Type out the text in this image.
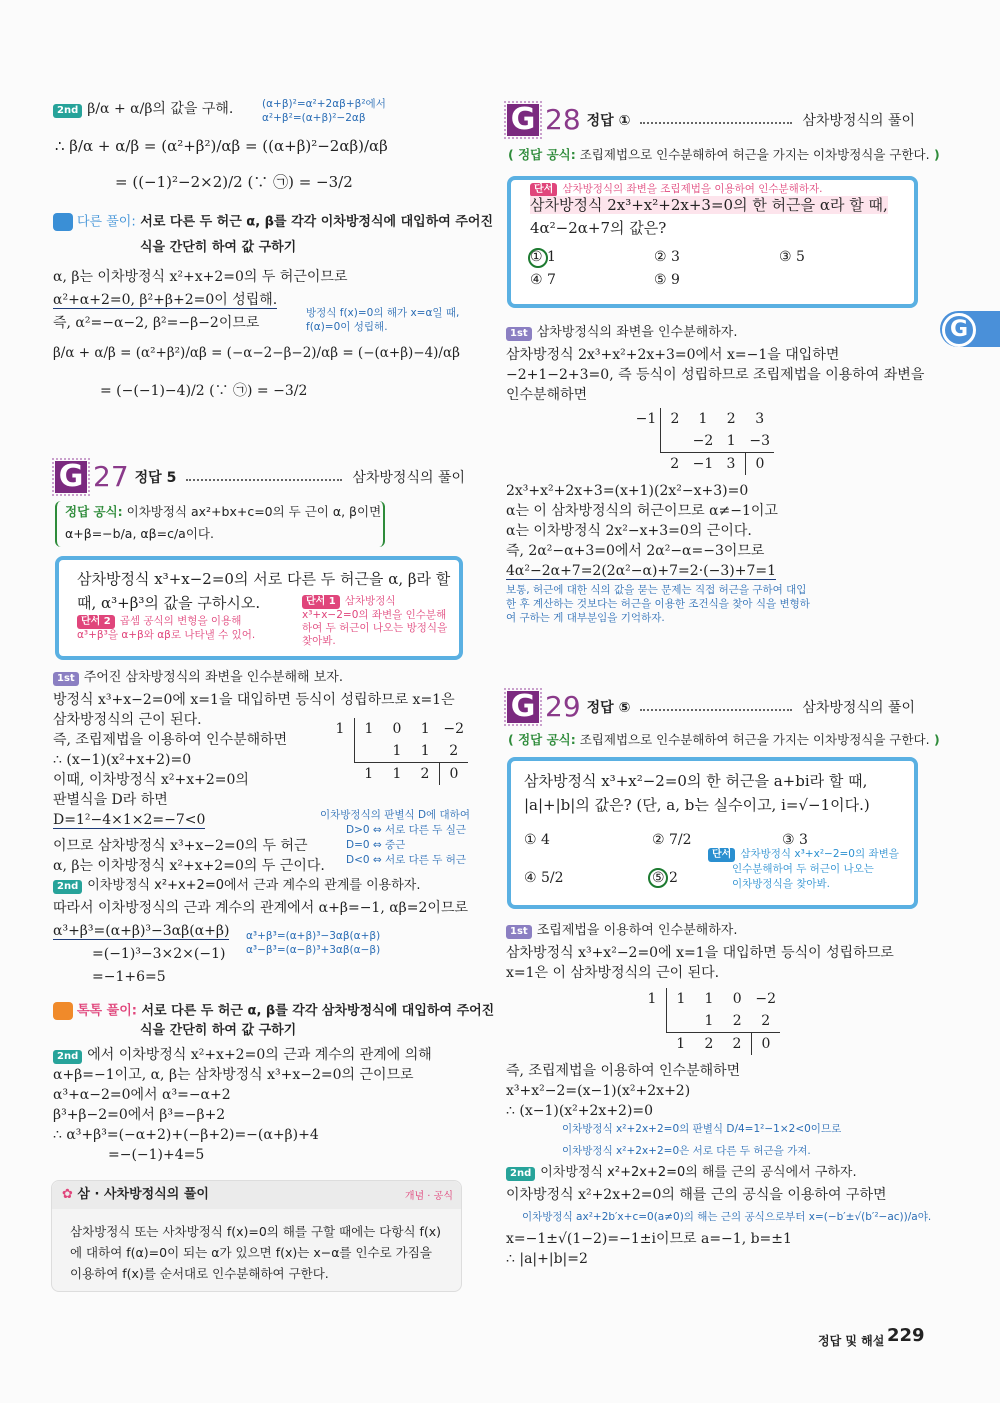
2nd β/α + α/β의 값을 구해.	(α+β)²=α²+2αβ+β²에서
α²+β²=(α+β)²−2αβ
∴ β/α + α/β = (α²+β²)/αβ = ((α+β)²−2αβ)/αβ
= ((−1)²−2×2)/2 (∵ ㉠) = −3/2
다른 풀이: 서로 다른 두 허근 α, β를 각각 이차방정식에 대입하여 주어진
식을 간단히 하여 값 구하기
α, β는 이차방정식 x²+x+2=0의 두 허근이므로
α²+α+2=0, β²+β+2=0이 성립해.
방정식 f(x)=0의 해가 x=α일 때,
f(α)=0이 성립해.
즉, α²=−α−2, β²=−β−2이므로
β/α + α/β = (α²+β²)/αβ = (−α−2−β−2)/αβ = (−(α+β)−4)/αβ
= (−(−1)−4)/2 (∵ ㉠) = −3/2
G 27 정답 5	삼차방정식의 풀이
정답 공식: 이차방정식 ax²+bx+c=0의 두 근이 α, β이면
α+β=−b/a, αβ=c/a이다.
삼차방정식 x³+x−2=0의 서로 다른 두 허근을 α, β라 할
때, α³+β³의 값을 구하시오.	단서 1 삼차방정식 x³+x−2=0의 좌변을 인수분해하여 두 허근이 나오는 방정식을 찾아봐.
단서 2 곱셈 공식의 변형을 이용해
α³+β³을 α+β와 αβ로 나타낼 수 있어.
1st 주어진 삼차방정식의 좌변을 인수분해해 보자.
방정식 x³+x−2=0에 x=1을 대입하면 등식이 성립하므로 x=1은
삼차방정식의 근이 된다.
즉, 조립제법을 이용하여 인수분해하면
∴ (x−1)(x²+x+2)=0
이때, 이차방정식 x²+x+2=0의
판별식을 D라 하면
D=1²−4×1×2=−7<0
이므로 삼차방정식 x³+x−2=0의 두 허근
α, β는 이차방정식 x²+x+2=0의 두 근이다.
1	1	0	1	−2
		1	1	2
	1	1	2	0
이차방정식의 판별식 D에 대하여
D>0 ⇔ 서로 다른 두 실근
D=0 ⇔ 중근
D<0 ⇔ 서로 다른 두 허근
2nd 이차방정식 x²+x+2=0에서 근과 계수의 관계를 이용하자.
따라서 이차방정식의 근과 계수의 관계에서 α+β=−1, αβ=2이므로
α³+β³=(α+β)³−3αβ(α+β)
=(−1)³−3×2×(−1)
=−1+6=5
α³+β³=(α+β)³−3αβ(α+β)
α³−β³=(α−β)³+3αβ(α−β)
톡톡 풀이: 서로 다른 두 허근 α, β를 각각 삼차방정식에 대입하여 주어진
식을 간단히 하여 값 구하기
2nd 에서 이차방정식 x²+x+2=0의 근과 계수의 관계에 의해
α+β=−1이고, α, β는 삼차방정식 x³+x−2=0의 근이므로
α³+α−2=0에서 α³=−α+2
β³+β−2=0에서 β³=−β+2
∴ α³+β³=(−α+2)+(−β+2)=−(α+β)+4
=−(−1)+4=5
✿ 삼 · 사차방정식의 풀이	개념 · 공식
삼차방정식 또는 사차방정식 f(x)=0의 해를 구할 때에는 다항식 f(x)
에 대하여 f(α)=0이 되는 α가 있으면 f(x)는 x−α를 인수로 가짐을
이용하여 f(x)를 순서대로 인수분해하여 구한다.
G 28 정답 ①	삼차방정식의 풀이
( 정답 공식: 조립제법으로 인수분해하여 허근을 가지는 이차방정식을 구한다. )
단서 삼차방정식의 좌변을 조립제법을 이용하여 인수분해하자.
삼차방정식 2x³+x²+2x+3=0의 한 허근을 α라 할 때,
4α²−2α+7의 값은?
① 1	② 3	③ 5
④ 7	⑤ 9
1st 삼차방정식의 좌변을 인수분해하자.
삼차방정식 2x³+x²+2x+3=0에서 x=−1을 대입하면
−2+1−2+3=0, 즉 등식이 성립하므로 조립제법을 이용하여 좌변을
인수분해하면
−1	2	1	2	3
		−2	1	−3
	2	−1	3	0
2x³+x²+2x+3=(x+1)(2x²−x+3)=0
α는 이 삼차방정식의 허근이므로 α≠−1이고
α는 이차방정식 2x²−x+3=0의 근이다.
즉, 2α²−α+3=0에서 2α²−α=−3이므로
4α²−2α+7=2(2α²−α)+7=2·(−3)+7=1
보통, 허근에 대한 식의 값을 묻는 문제는 직접 허근을 구하여 대입
한 후 계산하는 것보다는 허근을 이용한 조건식을 찾아 식을 변형하
여 구하는 게 대부분임을 기억하자.
G 29 정답 ⑤	삼차방정식의 풀이
( 정답 공식: 조립제법으로 인수분해하여 허근을 가지는 이차방정식을 구한다. )
삼차방정식 x³+x²−2=0의 한 허근을 a+bi라 할 때,
|a|+|b|의 값은? (단, a, b는 실수이고, i=√−1이다.)
① 4	② 7/2	③ 3
④ 5/2	⑤ 2
단서 삼차방정식 x³+x²−2=0의 좌변을
인수분해하여 두 허근이 나오는
이차방정식을 찾아봐.
1st 조립제법을 이용하여 인수분해하자.
삼차방정식 x³+x²−2=0에 x=1을 대입하면 등식이 성립하므로
x=1은 이 삼차방정식의 근이 된다.
1	1	1	0	−2
		1	2	2
	1	2	2	0
즉, 조립제법을 이용하여 인수분해하면
x³+x²−2=(x−1)(x²+2x+2)
∴ (x−1)(x²+2x+2)=0
이차방정식 x²+2x+2=0의 판별식 D/4=1²−1×2<0이므로
이차방정식 x²+2x+2=0은 서로 다른 두 허근을 가져.
2nd 이차방정식 x²+2x+2=0의 해를 근의 공식에서 구하자.
이차방정식 x²+2x+2=0의 해를 근의 공식을 이용하여 구하면
이차방정식 ax²+2b′x+c=0(a≠0)의 해는 근의 공식으로부터 x=(−b′±√(b′²−ac))/a야.
x=−1±√(1−2)=−1±i이므로 a=−1, b=±1
∴ |a|+|b|=2
G
정답 및 해설 229
